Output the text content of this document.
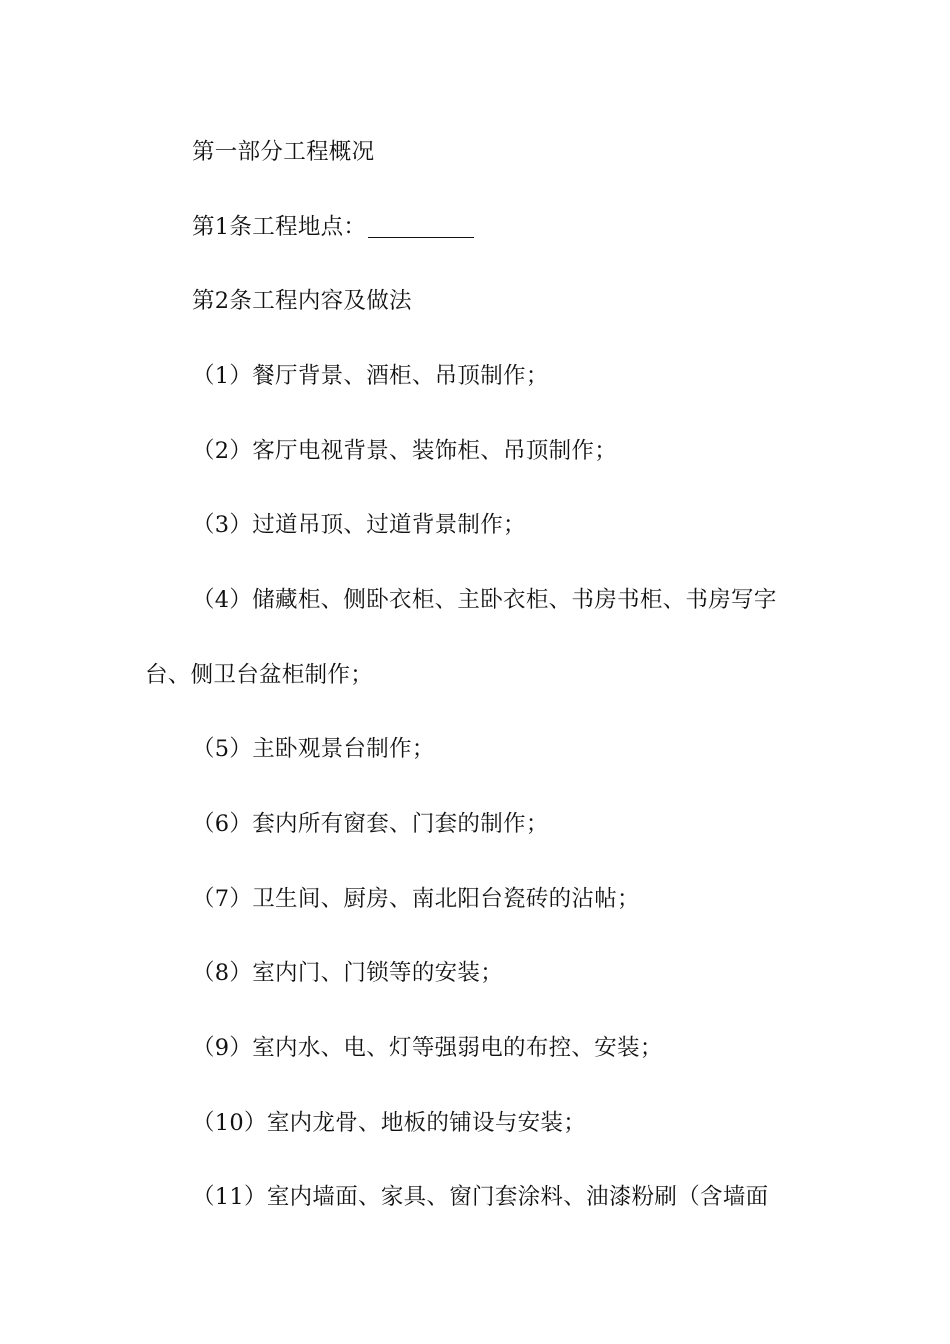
第一部分工程概况
第1条工程地点：
第2条工程内容及做法
（1）餐厅背景、酒柜、吊顶制作；
（2）客厅电视背景、装饰柜、吊顶制作；
（3）过道吊顶、过道背景制作；
（4）储藏柜、侧卧衣柜、主卧衣柜、书房书柜、书房写字
台、侧卫台盆柜制作；
（5）主卧观景台制作；
（6）套内所有窗套、门套的制作；
（7）卫生间、厨房、南北阳台瓷砖的沾帖；
（8）室内门、门锁等的安装；
（9）室内水、电、灯等强弱电的布控、安装；
（10）室内龙骨、地板的铺设与安装；
（11）室内墙面、家具、窗门套涂料、油漆粉刷（含墙面
